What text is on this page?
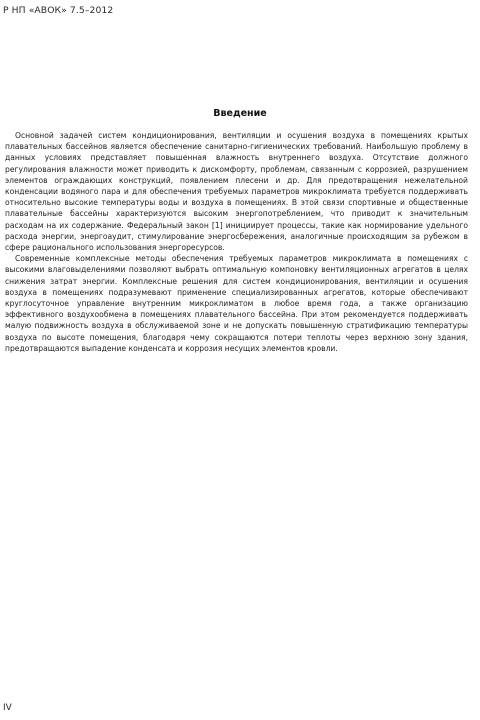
Р НП «АВОК» 7.5–2012
Введение

Основной задачей систем кондиционирования, вентиляции и осушения воздуха в помещениях крытых плавательных бассейнов является обеспечение санитарно-гигиенических требований. Наибольшую проблему в данных условиях представляет повышенная влажность внутреннего воздуха. Отсутствие должного регулирования влажности может приводить к дискомфорту, проблемам, связанным с коррозией, разрушением элементов ограждающих конструкций, появлением плесени и др. Для предотвращения нежелательной конденсации водяного пара и для обеспечения требуемых параметров микроклимата требуется поддерживать относительно высокие температуры воды и воздуха в помещениях. В этой связи спортивные и общественные плавательные бассейны характеризуются высоким энергопотреблением, что приводит к значительным расходам на их содержание. Федеральный закон [1] инициирует процессы, такие как нормирование удельного расхода энергии, энергоаудит, стимулирование энергосбережения, аналогичные происходящим за рубежом в сфере рационального использования энергоресурсов.

Современные комплексные методы обеспечения требуемых параметров микроклимата в помещениях с высокими влаговыделениями позволяют выбрать оптимальную компоновку вентиляционных агрегатов в целях снижения затрат энергии. Комплексные решения для систем кондиционирования, вентиляции и осушения воздуха в помещениях подразумевают применение специализированных агрегатов, которые обеспечивают круглосуточное управление внутренним микроклиматом в любое время года, а также организацию эффективного воздухообмена в помещениях плавательного бассейна. При этом рекомендуется поддерживать малую подвижность воздуха в обслуживаемой зоне и не допускать повышенную стратификацию температуры воздуха по высоте помещения, благодаря чему сокращаются потери теплоты через верхнюю зону здания, предотвращаются выпадение конденсата и коррозия несущих элементов кровли.

IV
